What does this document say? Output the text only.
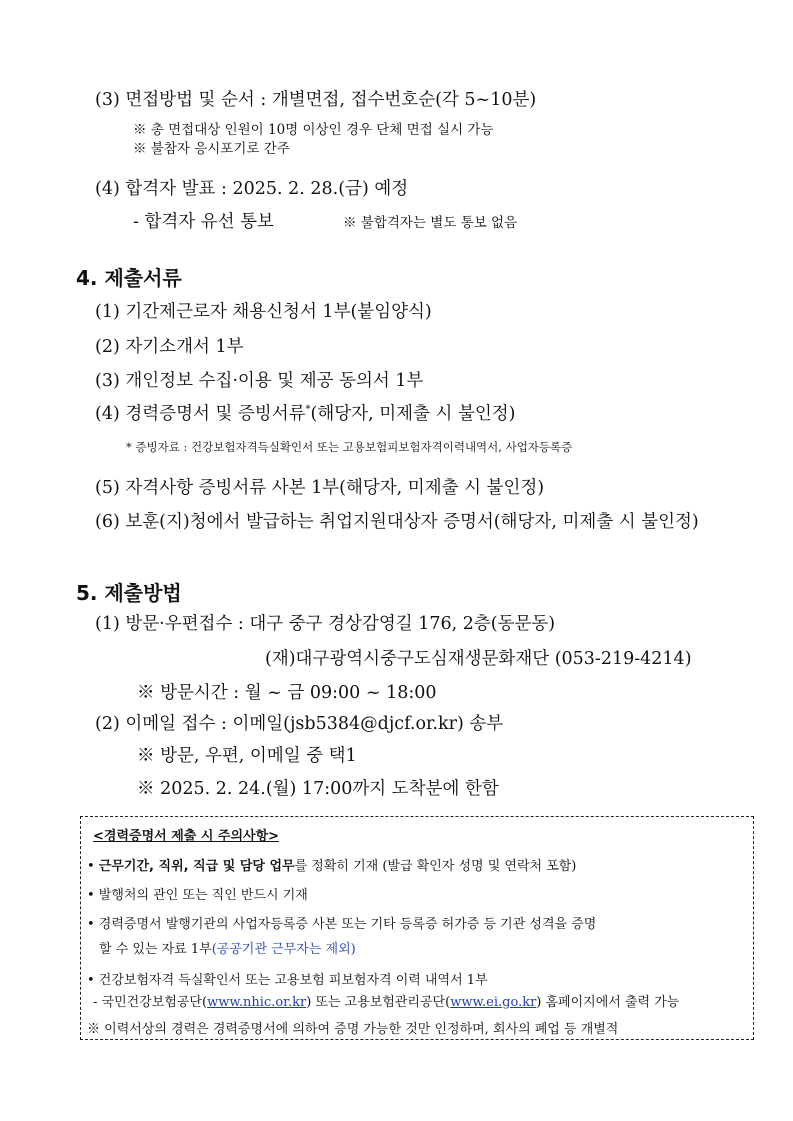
(3) 면접방법 및 순서 : 개별면접, 접수번호순(각 5~10분)
※ 총 면접대상 인원이 10명 이상인 경우 단체 면접 실시 가능
※ 불참자 응시포기로 간주
(4) 합격자 발표 : 2025. 2. 28.(금) 예정
- 합격자 유선 통보	※ 불합격자는 별도 통보 없음
4. 제출서류
(1) 기간제근로자 채용신청서 1부(붙임양식)
(2) 자기소개서 1부
(3) 개인정보 수집·이용 및 제공 동의서 1부
(4) 경력증명서 및 증빙서류*(해당자, 미제출 시 불인정)
* 증빙자료 : 건강보험자격득실확인서 또는 고용보험피보험자격이력내역서, 사업자등록증
(5) 자격사항 증빙서류 사본 1부(해당자, 미제출 시 불인정)
(6) 보훈(지)청에서 발급하는 취업지원대상자 증명서(해당자, 미제출 시 불인정)
5. 제출방법
(1) 방문·우편접수 : 대구 중구 경상감영길 176, 2층(동문동)
(재)대구광역시중구도심재생문화재단 (053-219-4214)
※ 방문시간 : 월 ~ 금 09:00 ~ 18:00
(2) 이메일 접수 : 이메일(jsb5384@djcf.or.kr) 송부
※ 방문, 우편, 이메일 중 택1
※ 2025. 2. 24.(월) 17:00까지 도착분에 한함
<경력증명서 제출 시 주의사항>
• 근무기간, 직위, 직급 및 담당 업무를 정확히 기재 (발급 확인자 성명 및 연락처 포함)
• 발행처의 관인 또는 직인 반드시 기재
• 경력증명서 발행기관의 사업자등록증 사본 또는 기타 등록증 허가증 등 기관 성격을 증명
할 수 있는 자료 1부(공공기관 근무자는 제외)
• 건강보험자격 득실확인서 또는 고용보험 피보험자격 이력 내역서 1부
- 국민건강보험공단(www.nhic.or.kr) 또는 고용보험관리공단(www.ei.go.kr) 홈페이지에서 출력 가능
※ 이력서상의 경력은 경력증명서에 의하여 증명 가능한 것만 인정하며, 회사의 폐업 등 개별적
